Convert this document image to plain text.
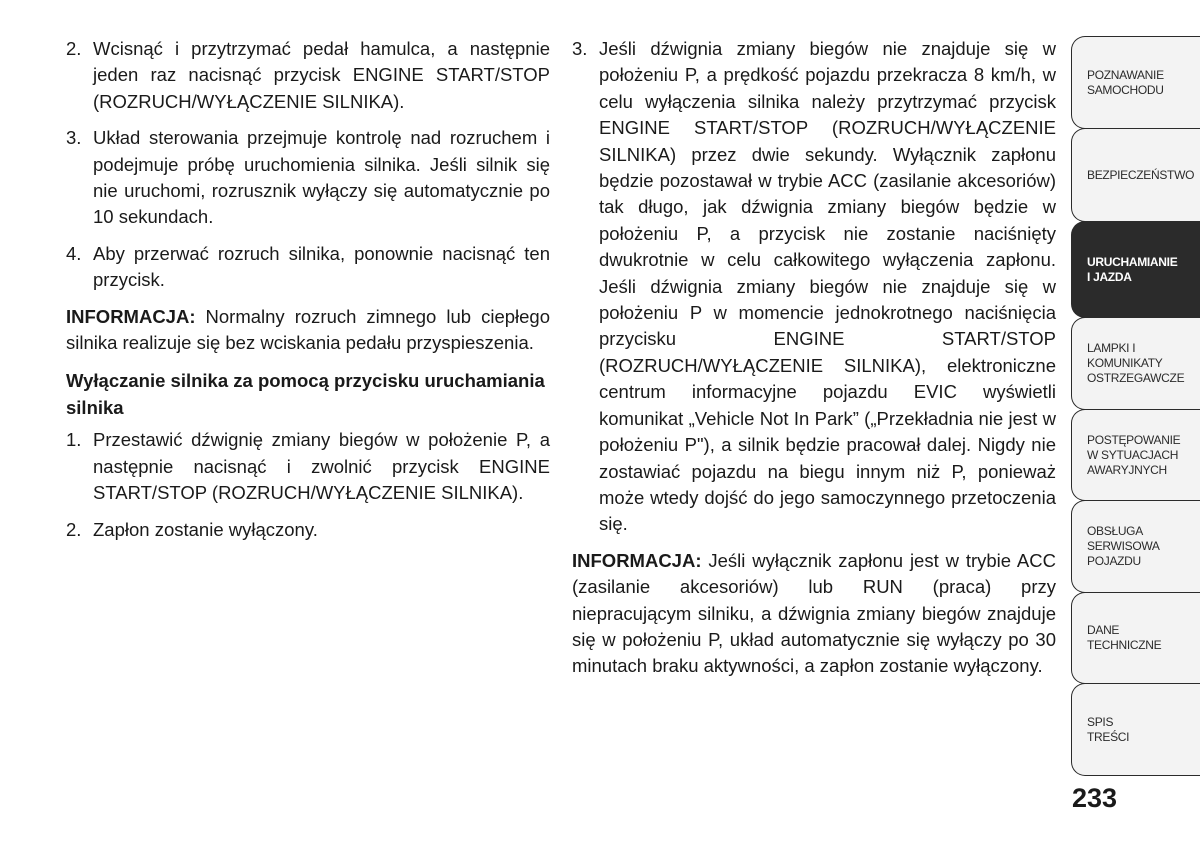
2. Wcisnąć i przytrzymać pedał hamulca, a następnie jeden raz nacisnąć przycisk ENGINE START/STOP (ROZRUCH/WYŁĄCZENIE SILNIKA).
3. Układ sterowania przejmuje kontrolę nad rozruchem i podejmuje próbę uruchomienia silnika. Jeśli silnik się nie uruchomi, rozrusznik wyłączy się automatycznie po 10 sekundach.
4. Aby przerwać rozruch silnika, ponownie nacisnąć ten przycisk.

INFORMACJA: Normalny rozruch zimnego lub ciepłego silnika realizuje się bez wciskania pedału przyspieszenia.

Wyłączanie silnika za pomocą przycisku uruchamiania silnika
1. Przestawić dźwignię zmiany biegów w położenie P, a następnie nacisnąć i zwolnić przycisk ENGINE START/STOP (ROZRUCH/WYŁĄCZENIE SILNIKA).
2. Zapłon zostanie wyłączony.
3. Jeśli dźwignia zmiany biegów nie znajduje się w położeniu P, a prędkość pojazdu przekracza 8 km/h, w celu wyłączenia silnika należy przytrzymać przycisk ENGINE START/STOP (ROZRUCH/WYŁĄCZENIE SILNIKA) przez dwie sekundy. Wyłącznik zapłonu będzie pozostawał w trybie ACC (zasilanie akcesoriów) tak długo, jak dźwignia zmiany biegów będzie w położeniu P, a przycisk nie zostanie naciśnięty dwukrotnie w celu całkowitego wyłączenia zapłonu. Jeśli dźwignia zmiany biegów nie znajduje się w położeniu P w momencie jednokrotnego naciśnięcia przycisku ENGINE START/STOP (ROZRUCH/WYŁĄCZENIE SILNIKA), elektroniczne centrum informacyjne pojazdu EVIC wyświetli komunikat „Vehicle Not In Park” („Przekładnia nie jest w położeniu P"), a silnik będzie pracował dalej. Nigdy nie zostawiać pojazdu na biegu innym niż P, ponieważ może wtedy dojść do jego samoczynnego przetoczenia się.

INFORMACJA: Jeśli wyłącznik zapłonu jest w trybie ACC (zasilanie akcesoriów) lub RUN (praca) przy niepracującym silniku, a dźwignia zmiany biegów znajduje się w położeniu P, układ automatycznie się wyłączy po 30 minutach braku aktywności, a zapłon zostanie wyłączony.

POZNAWANIE
SAMOCHODU
BEZPIECZEŃSTWO
URUCHAMIANIE
I JAZDA
LAMPKI I
KOMUNIKATY
OSTRZEGAWCZE
POSTĘPOWANIE
W SYTUACJACH
AWARYJNYCH
OBSŁUGA
SERWISOWA
POJAZDU
DANE
TECHNICZNE
SPIS
TREŚCI
233
